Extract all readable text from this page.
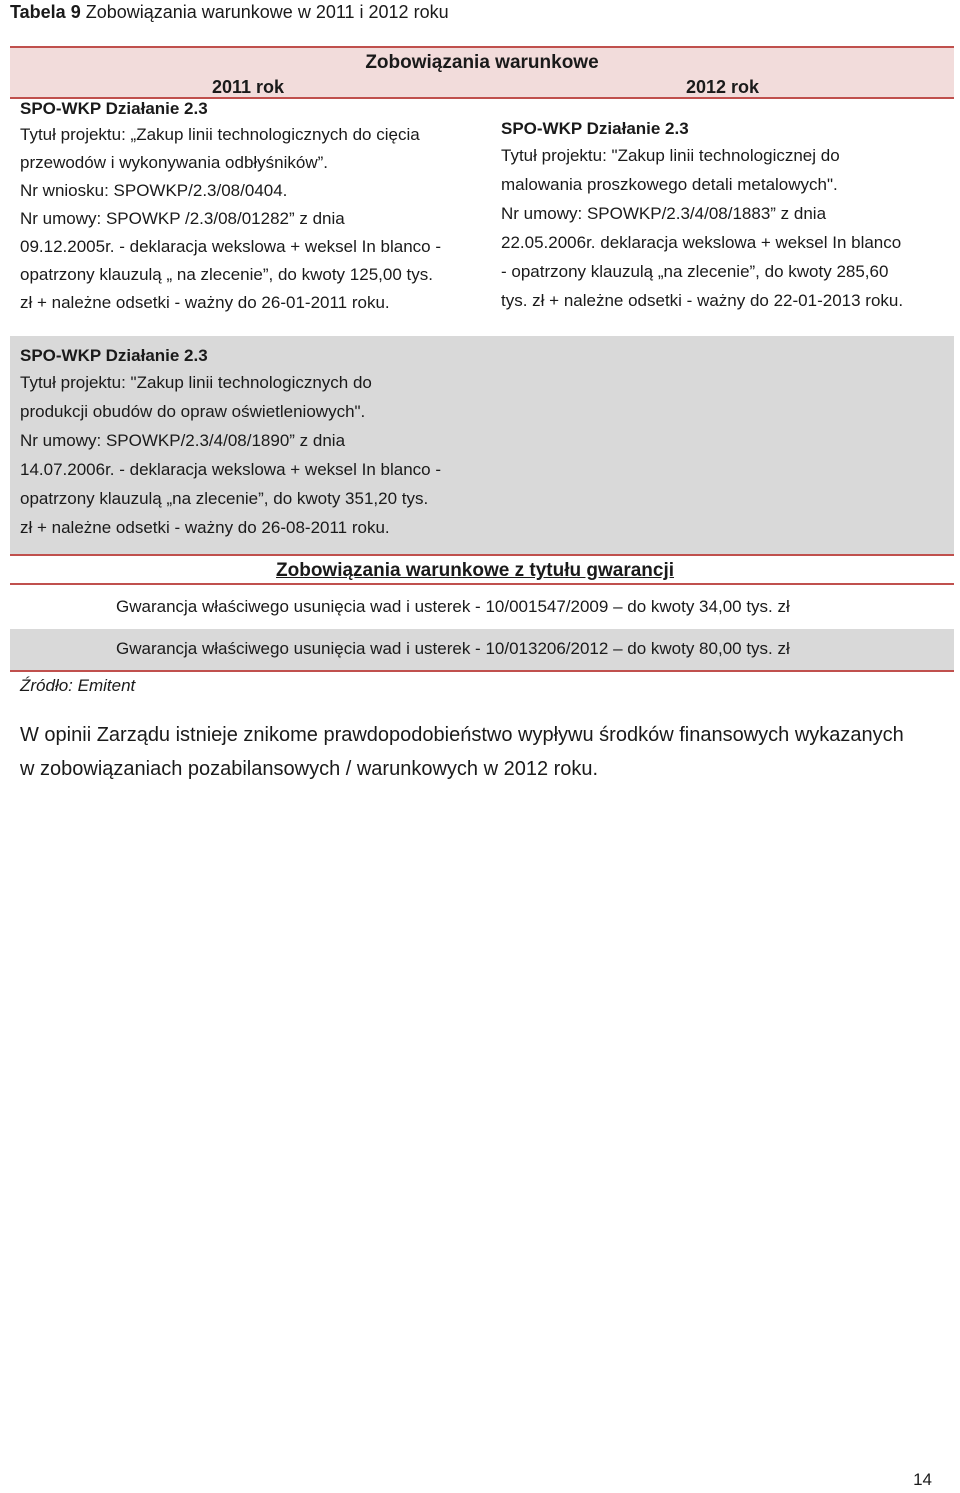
Tabela 9 Zobowiązania warunkowe w 2011 i 2012 roku
Zobowiązania warunkowe
2011 rok	2012 rok
SPO-WKP Działanie 2.3
Tytuł projektu: „Zakup linii technologicznych do cięcia
przewodów i wykonywania odbłyśników”.
Nr wniosku: SPOWKP/2.3/08/0404.
Nr umowy: SPOWKP /2.3/08/01282” z dnia
09.12.2005r. - deklaracja wekslowa + weksel In blanco -
opatrzony klauzulą „ na zlecenie”, do kwoty 125,00 tys.
zł + należne odsetki - ważny do 26-01-2011 roku.
SPO-WKP Działanie 2.3
Tytuł projektu: "Zakup linii technologicznej do
malowania proszkowego detali metalowych".
Nr umowy: SPOWKP/2.3/4/08/1883” z dnia
22.05.2006r. deklaracja wekslowa + weksel In blanco
- opatrzony klauzulą „na zlecenie”, do kwoty 285,60
tys. zł + należne odsetki - ważny do 22-01-2013 roku.
SPO-WKP Działanie 2.3
Tytuł projektu: "Zakup linii technologicznych do
produkcji obudów do opraw oświetleniowych".
Nr umowy: SPOWKP/2.3/4/08/1890” z dnia
14.07.2006r. - deklaracja wekslowa + weksel In blanco -
opatrzony klauzulą „na zlecenie”, do kwoty 351,20 tys.
zł + należne odsetki - ważny do 26-08-2011 roku.
Zobowiązania warunkowe z tytułu gwarancji
Gwarancja właściwego usunięcia wad i usterek - 10/001547/2009 – do kwoty 34,00 tys. zł
Gwarancja właściwego usunięcia wad i usterek - 10/013206/2012 – do kwoty 80,00 tys. zł
Źródło: Emitent
W opinii Zarządu istnieje znikome prawdopodobieństwo wypływu środków finansowych wykazanych
w zobowiązaniach pozabilansowych / warunkowych w 2012 roku.
14
